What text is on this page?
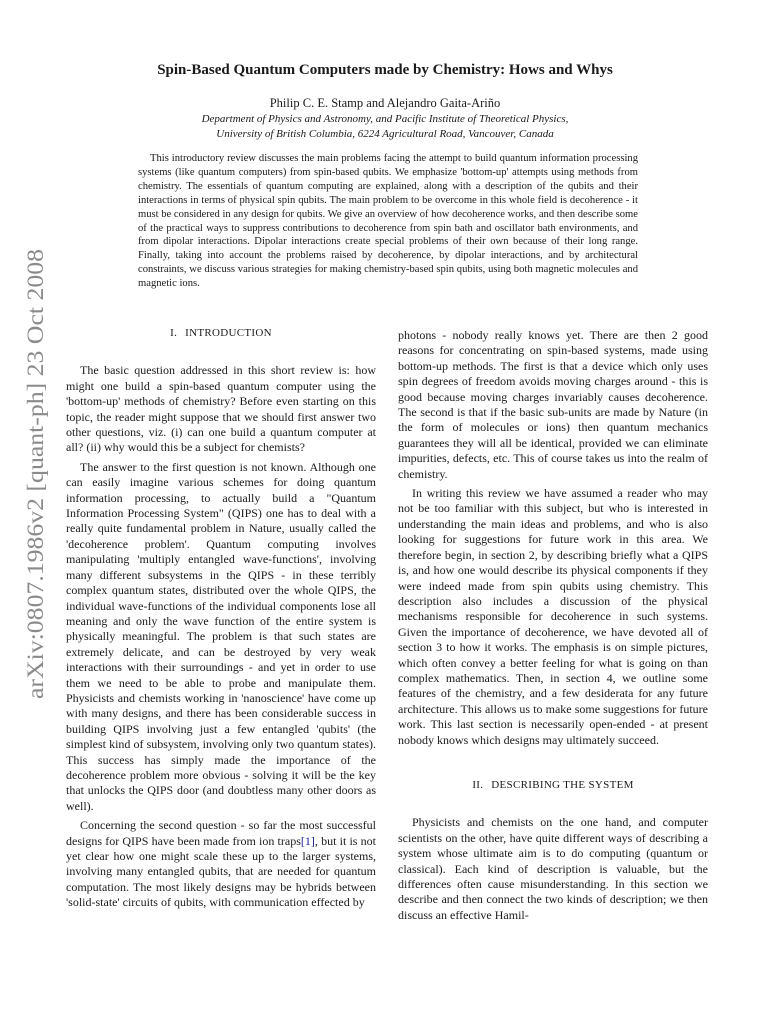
arXiv:0807.1986v2 [quant-ph] 23 Oct 2008
Spin-Based Quantum Computers made by Chemistry: Hows and Whys
Philip C. E. Stamp and Alejandro Gaita-Ariño
Department of Physics and Astronomy, and Pacific Institute of Theoretical Physics,
University of British Columbia, 6224 Agricultural Road, Vancouver, Canada

This introductory review discusses the main problems facing the attempt to build quantum information processing systems (like quantum computers) from spin-based qubits. We emphasize 'bottom-up' attempts using methods from chemistry. The essentials of quantum computing are explained, along with a description of the qubits and their interactions in terms of physical spin qubits. The main problem to be overcome in this whole field is decoherence - it must be considered in any design for qubits. We give an overview of how decoherence works, and then describe some of the practical ways to suppress contributions to decoherence from spin bath and oscillator bath environments, and from dipolar interactions. Dipolar interactions create special problems of their own because of their long range. Finally, taking into account the problems raised by decoherence, by dipolar interactions, and by architectural constraints, we discuss various strategies for making chemistry-based spin qubits, using both magnetic molecules and magnetic ions.

I. INTRODUCTION

The basic question addressed in this short review is: how might one build a spin-based quantum computer using the 'bottom-up' methods of chemistry? Before even starting on this topic, the reader might suppose that we should first answer two other questions, viz. (i) can one build a quantum computer at all? (ii) why would this be a subject for chemists?

The answer to the first question is not known. Although one can easily imagine various schemes for doing quantum information processing, to actually build a "Quantum Information Processing System" (QIPS) one has to deal with a really quite fundamental problem in Nature, usually called the 'decoherence problem'. Quantum computing involves manipulating 'multiply entangled wave-functions', involving many different subsystems in the QIPS - in these terribly complex quantum states, distributed over the whole QIPS, the individual wave-functions of the individual components lose all meaning and only the wave function of the entire system is physically meaningful. The problem is that such states are extremely delicate, and can be destroyed by very weak interactions with their surroundings - and yet in order to use them we need to be able to probe and manipulate them. Physicists and chemists working in 'nanoscience' have come up with many designs, and there has been considerable success in building QIPS involving just a few entangled 'qubits' (the simplest kind of subsystem, involving only two quantum states). This success has simply made the importance of the decoherence problem more obvious - solving it will be the key that unlocks the QIPS door (and doubtless many other doors as well).

Concerning the second question - so far the most successful designs for QIPS have been made from ion traps[1], but it is not yet clear how one might scale these up to the larger systems, involving many entangled qubits, that are needed for quantum computation. The most likely designs may be hybrids between 'solid-state' circuits of qubits, with communication effected by

photons - nobody really knows yet. There are then 2 good reasons for concentrating on spin-based systems, made using bottom-up methods. The first is that a device which only uses spin degrees of freedom avoids moving charges around - this is good because moving charges invariably causes decoherence. The second is that if the basic sub-units are made by Nature (in the form of molecules or ions) then quantum mechanics guarantees they will all be identical, provided we can eliminate impurities, defects, etc. This of course takes us into the realm of chemistry.

In writing this review we have assumed a reader who may not be too familiar with this subject, but who is interested in understanding the main ideas and problems, and who is also looking for suggestions for future work in this area. We therefore begin, in section 2, by describing briefly what a QIPS is, and how one would describe its physical components if they were indeed made from spin qubits using chemistry. This description also includes a discussion of the physical mechanisms responsible for decoherence in such systems. Given the importance of decoherence, we have devoted all of section 3 to how it works. The emphasis is on simple pictures, which often convey a better feeling for what is going on than complex mathematics. Then, in section 4, we outline some features of the chemistry, and a few desiderata for any future architecture. This allows us to make some suggestions for future work. This last section is necessarily open-ended - at present nobody knows which designs may ultimately succeed.

II. DESCRIBING THE SYSTEM

Physicists and chemists on the one hand, and computer scientists on the other, have quite different ways of describing a system whose ultimate aim is to do computing (quantum or classical). Each kind of description is valuable, but the differences often cause misunderstanding. In this section we describe and then connect the two kinds of description; we then discuss an effective Hamil-
